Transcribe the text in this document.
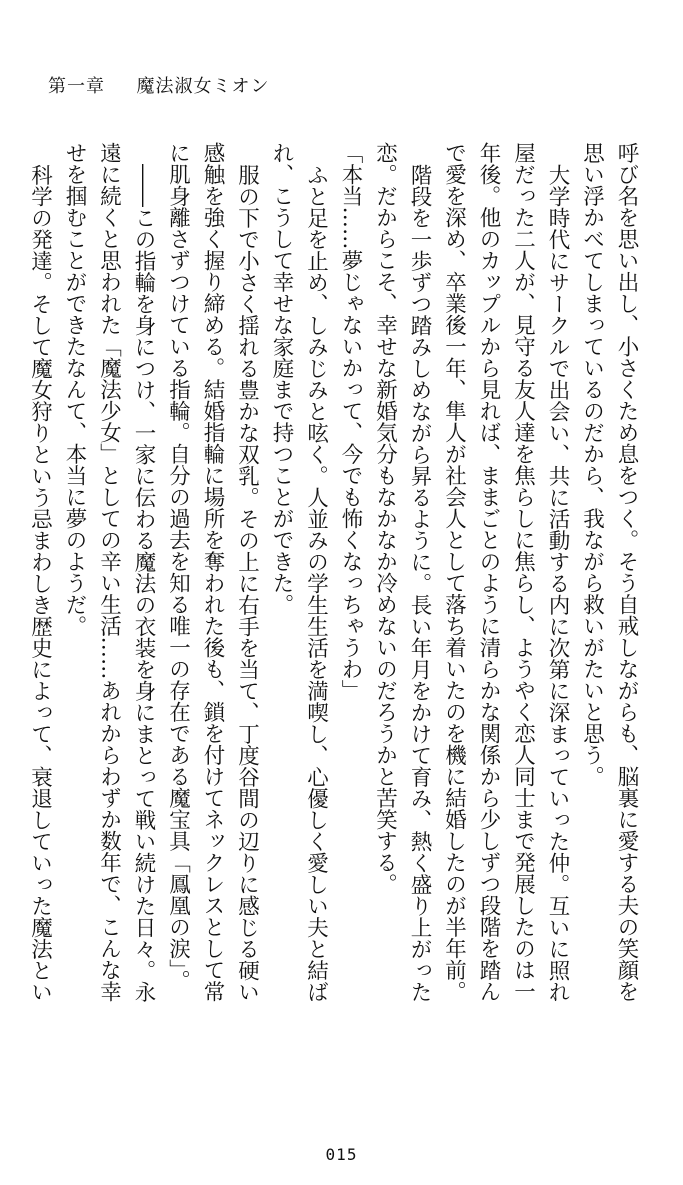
第一章 魔法淑女ミオン

呼び名を思い出し、小さくため息をつく。そう自戒しながらも、脳裏に愛する夫の笑顔を

思い浮かべてしまっているのだから、我ながら救いがたいと思う。

大学時代にサークルで出会い、共に活動する内に次第に深まっていった仲。互いに照れ

屋だった二人が、見守る友人達を焦らしに焦らし、ようやく恋人同士まで発展したのは一

年後。他のカップルから見れば、ままごとのように清らかな関係から少しずつ段階を踏ん

で愛を深め、卒業後一年、隼人が社会人として落ち着いたのを機に結婚したのが半年前。

階段を一歩ずつ踏みしめながら昇るように。長い年月をかけて育み、熱く盛り上がった

恋。だからこそ、幸せな新婚気分もなかなか冷めないのだろうかと苦笑する。

「本当……夢じゃないかって、今でも怖くなっちゃうわ」

ふと足を止め、しみじみと呟く。人並みの学生生活を満喫し、心優しく愛しい夫と結ば

れ、こうして幸せな家庭まで持つことができた。

服の下で小さく揺れる豊かな双乳。その上に右手を当て、丁度谷間の辺りに感じる硬い

感触を強く握り締める。結婚指輪に場所を奪われた後も、鎖を付けてネックレスとして常

に肌身離さずつけている指輪。自分の過去を知る唯一の存在である魔宝具「鳳凰の涙」。

――この指輪を身につけ、一家に伝わる魔法の衣装を身にまとって戦い続けた日々。永

遠に続くと思われた「魔法少女」としての辛い生活……あれからわずか数年で、こんな幸

せを掴むことができたなんて、本当に夢のようだ。

科学の発達。そして魔女狩りという忌まわしき歴史によって、衰退していった魔法とい

015
